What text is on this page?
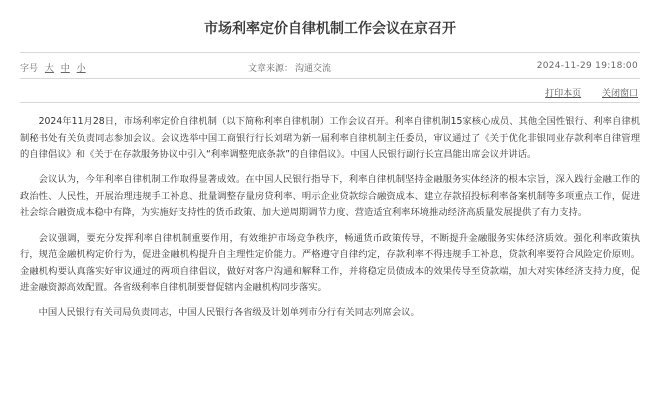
市场利率定价自律机制工作会议在京召开
字号 大 中 小	文章来源： 沟通交流	2024-11-29 19:18:00
打印本页 关闭窗口

2024年11月28日，市场利率定价自律机制（以下简称利率自律机制）工作会议召开。利率自律机制15家核心成员、其他全国性银行、利率自律机制秘书处有关负责同志参加会议。会议选举中国工商银行行长刘珺为新一届利率自律机制主任委员，审议通过了《关于优化非银同业存款利率自律管理的自律倡议》和《关于在存款服务协议中引入“利率调整兜底条款”的自律倡议》。中国人民银行副行长宣昌能出席会议并讲话。

会议认为，今年利率自律机制工作取得显著成效。在中国人民银行指导下，利率自律机制坚持金融服务实体经济的根本宗旨，深入践行金融工作的政治性、人民性，开展治理违规手工补息、批量调整存量房贷利率、明示企业贷款综合融资成本、建立存款招投标利率备案机制等多项重点工作，促进社会综合融资成本稳中有降，为实施好支持性的货币政策、加大逆周期调节力度、营造适宜利率环境推动经济高质量发展提供了有力支持。

会议强调，要充分发挥利率自律机制重要作用，有效维护市场竞争秩序，畅通货币政策传导，不断提升金融服务实体经济质效。强化利率政策执行，规范金融机构定价行为，促进金融机构提升自主理性定价能力。严格遵守自律约定，存款利率不得违规手工补息，贷款利率要符合风险定价原则。金融机构要认真落实好审议通过的两项自律倡议，做好对客户沟通和解释工作，并将稳定员债成本的效果传导至贷款端，加大对实体经济支持力度，促进金融资源高效配置。各省级利率自律机制要督促辖内金融机构同步落实。

中国人民银行有关司局负责同志，中国人民银行各省级及计划单列市分行有关同志列席会议。
